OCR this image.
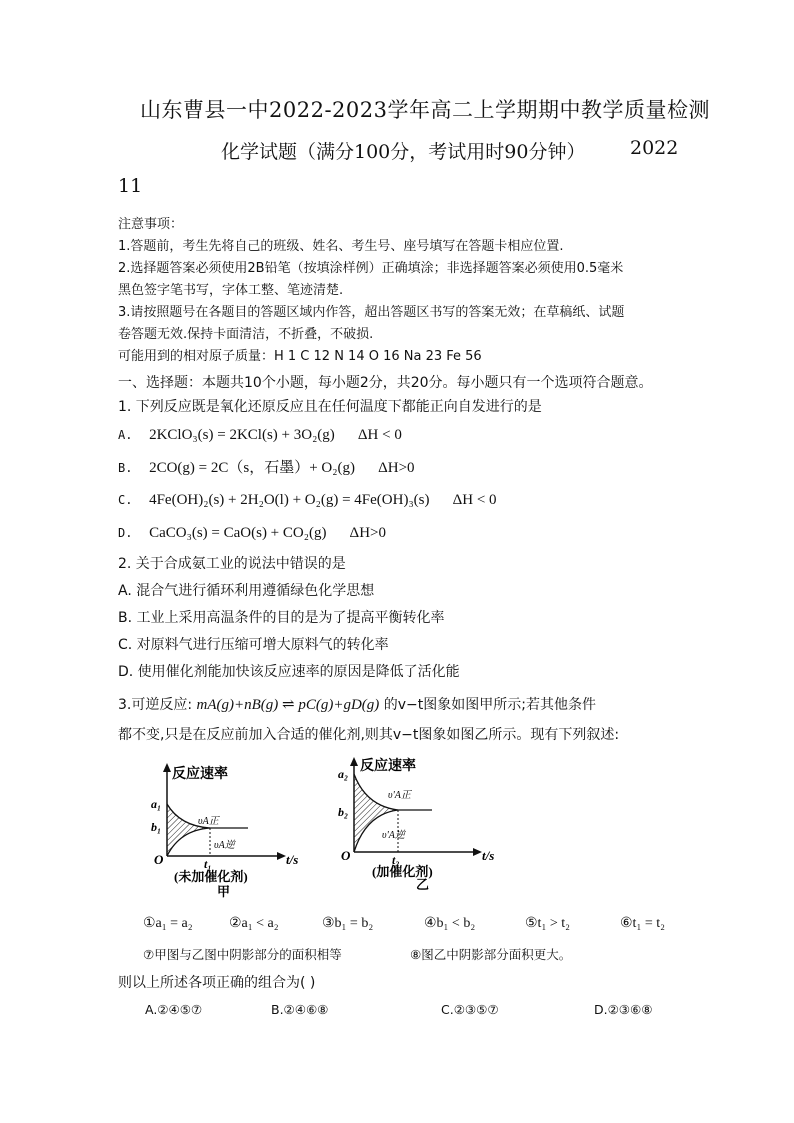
山东曹县一中2022-2023学年高二上学期期中教学质量检测
化学试题（满分100分，考试用时90分钟） 2022
11
注意事项：
1.答题前，考生先将自己的班级、姓名、考生号、座号填写在答题卡相应位置.
2.选择题答案必须使用2B铅笔（按填涂样例）正确填涂；非选择题答案必须使用0.5毫米
黑色签字笔书写，字体工整、笔迹清楚.
3.请按照题号在各题目的答题区域内作答，超出答题区书写的答案无效；在草稿纸、试题
卷答题无效.保持卡面清洁，不折叠，不破损.
可能用到的相对原子质量：H 1 C 12 N 14 O 16 Na 23 Fe 56
一、选择题：本题共10个小题，每小题2分，共20分。每小题只有一个选项符合题意。
1. 下列反应既是氧化还原反应且在任何温度下都能正向自发进行的是
A. 2KClO₃(s) = 2KCl(s) + 3O₂(g) ΔH < 0
B. 2CO(g) = 2C（s，石墨）+ O₂(g) ΔH>0
C. 4Fe(OH)₂(s) + 2H₂O(l) + O₂(g) = 4Fe(OH)₃(s) ΔH < 0
D. CaCO₃(s) = CaO(s) + CO₂(g) ΔH>0
2. 关于合成氨工业的说法中错误的是
A. 混合气进行循环利用遵循绿色化学思想
B. 工业上采用高温条件的目的是为了提高平衡转化率
C. 对原料气进行压缩可增大原料气的转化率
D. 使用催化剂能加快该反应速率的原因是降低了活化能
3.可逆反应: mA(g)+nB(g) ⇌ pC(g)+gD(g) 的v−t图象如图甲所示;若其他条件
都不变,只是在反应前加入合适的催化剂,则其v−t图象如图乙所示。现有下列叙述:
反应速率
a₁
b₁
O	t₁	t/s
υA正
υA逆
(未加催化剂)
甲
反应速率
a₂
b₂
O	t₂	t/s
υ'A正
υ'A逆
(加催化剂)
乙
①a₁ = a₂	②a₁ < a₂	③b₁ = b₂	④b₁ < b₂	⑤t₁ > t₂	⑥t₁ = t₂
⑦甲图与乙图中阴影部分的面积相等	⑧图乙中阴影部分面积更大。
则以上所述各项正确的组合为( )
A.②④⑤⑦	B.②④⑥⑧	C.②③⑤⑦	D.②③⑥⑧
